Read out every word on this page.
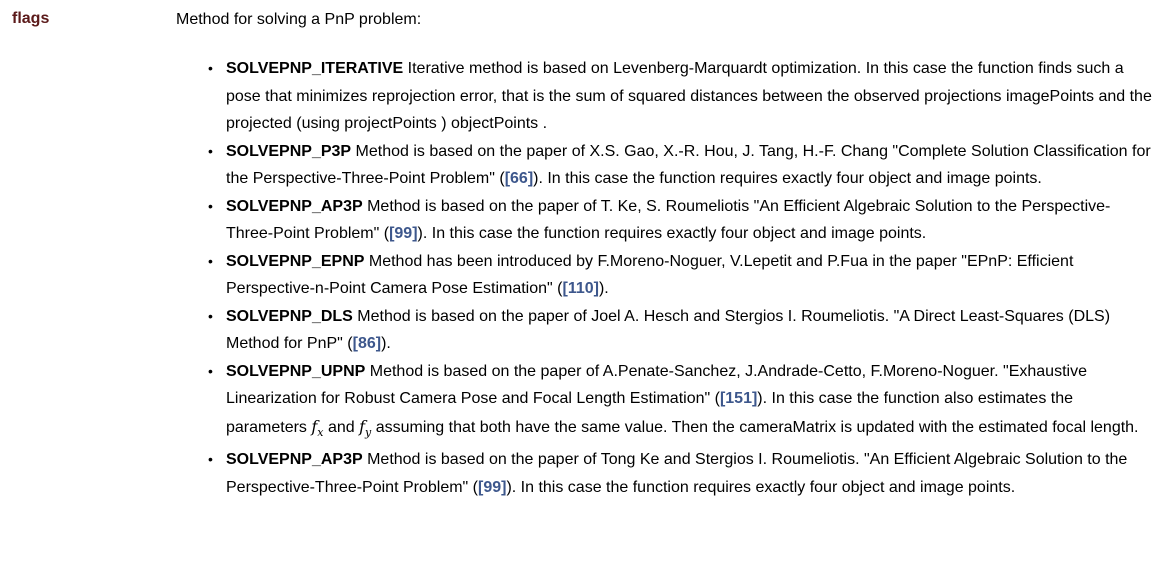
flags	Method for solving a PnP problem:

• SOLVEPNP_ITERATIVE Iterative method is based on Levenberg-Marquardt optimization. In this case the function finds such a pose that minimizes reprojection error, that is the sum of squared distances between the observed projections imagePoints and the projected (using projectPoints ) objectPoints .
• SOLVEPNP_P3P Method is based on the paper of X.S. Gao, X.-R. Hou, J. Tang, H.-F. Chang "Complete Solution Classification for the Perspective-Three-Point Problem" ([66]). In this case the function requires exactly four object and image points.
• SOLVEPNP_AP3P Method is based on the paper of T. Ke, S. Roumeliotis "An Efficient Algebraic Solution to the Perspective-Three-Point Problem" ([99]). In this case the function requires exactly four object and image points.
• SOLVEPNP_EPNP Method has been introduced by F.Moreno-Noguer, V.Lepetit and P.Fua in the paper "EPnP: Efficient Perspective-n-Point Camera Pose Estimation" ([110]).
• SOLVEPNP_DLS Method is based on the paper of Joel A. Hesch and Stergios I. Roumeliotis. "A Direct Least-Squares (DLS) Method for PnP" ([86]).
• SOLVEPNP_UPNP Method is based on the paper of A.Penate-Sanchez, J.Andrade-Cetto, F.Moreno-Noguer. "Exhaustive Linearization for Robust Camera Pose and Focal Length Estimation" ([151]). In this case the function also estimates the parameters $f_x$ and $f_y$ assuming that both have the same value. Then the cameraMatrix is updated with the estimated focal length.
• SOLVEPNP_AP3P Method is based on the paper of Tong Ke and Stergios I. Roumeliotis. "An Efficient Algebraic Solution to the Perspective-Three-Point Problem" ([99]). In this case the function requires exactly four object and image points.
